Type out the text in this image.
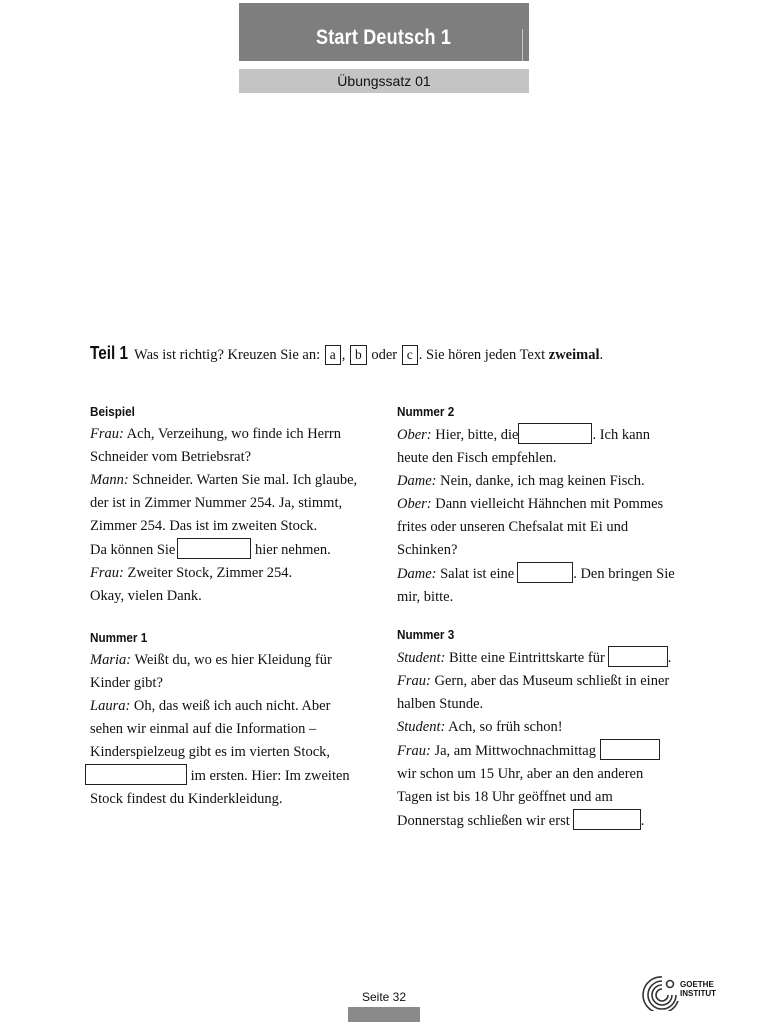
Start Deutsch 1
Übungssatz 01
Teil 1 Was ist richtig? Kreuzen Sie an: a , b oder c . Sie hören jeden Text zweimal.
Beispiel
Frau: Ach, Verzeihung, wo finde ich Herrn
Schneider vom Betriebsrat?
Mann: Schneider. Warten Sie mal. Ich glaube,
der ist in Zimmer Nummer 254. Ja, stimmt,
Zimmer 254. Das ist im zweiten Stock.
Da können Sie	hier nehmen.
Frau: Zweiter Stock, Zimmer 254.
Okay, vielen Dank.
Nummer 1
Maria: Weißt du, wo es hier Kleidung für
Kinder gibt?
Laura: Oh, das weiß ich auch nicht. Aber
sehen wir einmal auf die Information –
Kinderspielzeug gibt es im vierten Stock,
im ersten. Hier: Im zweiten
Stock findest du Kinderkleidung.
Nummer 2
Ober: Hier, bitte, die	. Ich kann
heute den Fisch empfehlen.
Dame: Nein, danke, ich mag keinen Fisch.
Ober: Dann vielleicht Hähnchen mit Pommes
frites oder unseren Chefsalat mit Ei und
Schinken?
Dame: Salat ist eine	. Den bringen Sie
mir, bitte.
Nummer 3
Student: Bitte eine Eintrittskarte für	.
Frau: Gern, aber das Museum schließt in einer
halben Stunde.
Student: Ach, so früh schon!
Frau: Ja, am Mittwochnachmittag
wir schon um 15 Uhr, aber an den anderen
Tagen ist bis 18 Uhr geöffnet und am
Donnerstag schließen wir erst	.
Seite 32
GOETHE
INSTITUT
